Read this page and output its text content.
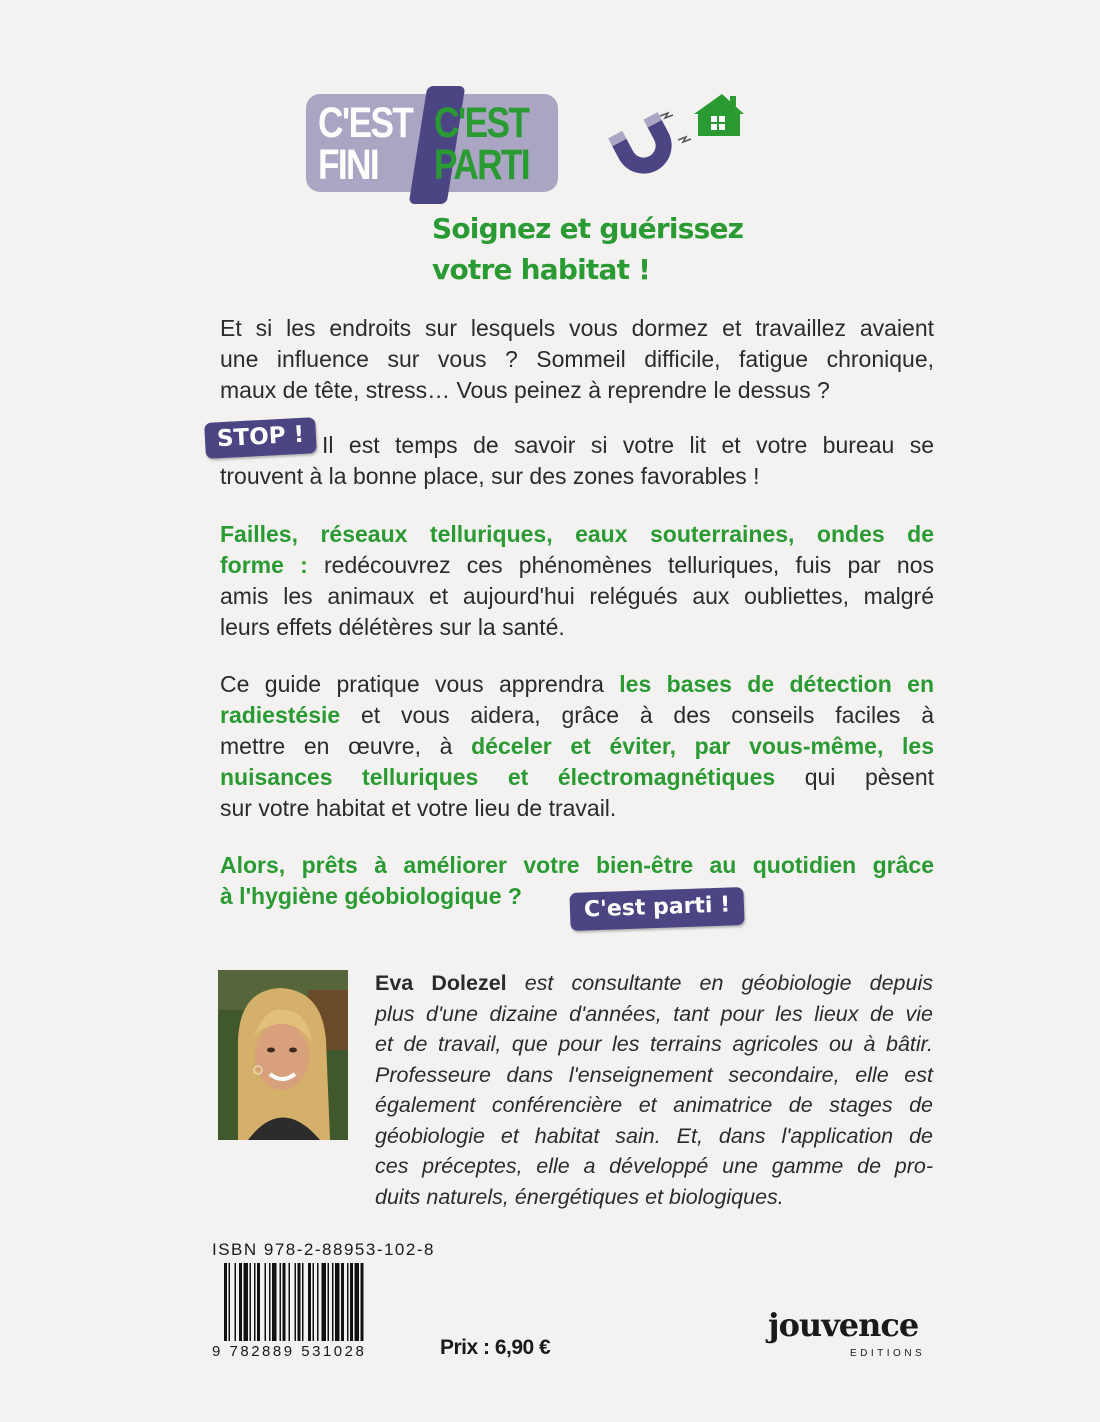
C'EST
FINI
C'EST
PARTI
Soignez et guérissez
votre habitat !
Et si les endroits sur lesquels vous dormez et travaillez avaient
une influence sur vous ? Sommeil difficile, fatigue chronique,
maux de tête, stress… Vous peinez à reprendre le dessus ?
STOP ! Il est temps de savoir si votre lit et votre bureau se
trouvent à la bonne place, sur des zones favorables !
Failles, réseaux telluriques, eaux souterraines, ondes de
forme : redécouvrez ces phénomènes telluriques, fuis par nos
amis les animaux et aujourd'hui relégués aux oubliettes, malgré
leurs effets délétères sur la santé.
Ce guide pratique vous apprendra les bases de détection en
radiestésie et vous aidera, grâce à des conseils faciles à
mettre en œuvre, à déceler et éviter, par vous-même, les
nuisances telluriques et électromagnétiques qui pèsent
sur votre habitat et votre lieu de travail.
Alors, prêts à améliorer votre bien-être au quotidien grâce
à l'hygiène géobiologique ?	C'est parti !
Eva Dolezel est consultante en géobiologie depuis
plus d'une dizaine d'années, tant pour les lieux de vie
et de travail, que pour les terrains agricoles ou à bâtir.
Professeure dans l'enseignement secondaire, elle est
également conférencière et animatrice de stages de
géobiologie et habitat sain. Et, dans l'application de
ces préceptes, elle a développé une gamme de pro-
duits naturels, énergétiques et biologiques.
ISBN 978-2-88953-102-8
9 782889 531028	Prix : 6,90 €
jouvence
EDITIONS
